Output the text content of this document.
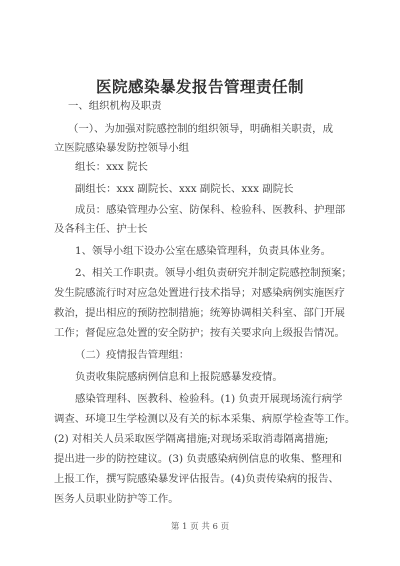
医院感染暴发报告管理责任制
一、组织机构及职责
（一）、为加强对院感控制的组织领导，明确相关职责，成
立医院感染暴发防控领导小组
组长：xxx 院长
副组长：xxx 副院长、xxx 副院长、xxx 副院长
成员：感染管理办公室、防保科、检验科、医教科、护理部
及各科主任、护士长
1、领导小组下设办公室在感染管理科，负责具体业务。
2、相关工作职责。领导小组负责研究并制定院感控制预案；
发生院感流行时对应急处置进行技术指导；对感染病例实施医疗
救治，提出相应的预防控制措施；统筹协调相关科室、部门开展
工作；督促应急处置的安全防护；按有关要求向上级报告情况。
（二）疫情报告管理组：
负责收集院感病例信息和上报院感暴发疫情。
感染管理科、医教科、检验科。(1) 负责开展现场流行病学
调查、环境卫生学检测以及有关的标本采集、病原学检查等工作。
(2) 对相关人员采取医学隔离措施;对现场采取消毒隔离措施;
提出进一步的防控建议。(3) 负责感染病例信息的收集、整理和
上报工作，撰写院感染暴发评估报告。(4)负责传染病的报告、
医务人员职业防护等工作。
第 1 页 共 6 页
